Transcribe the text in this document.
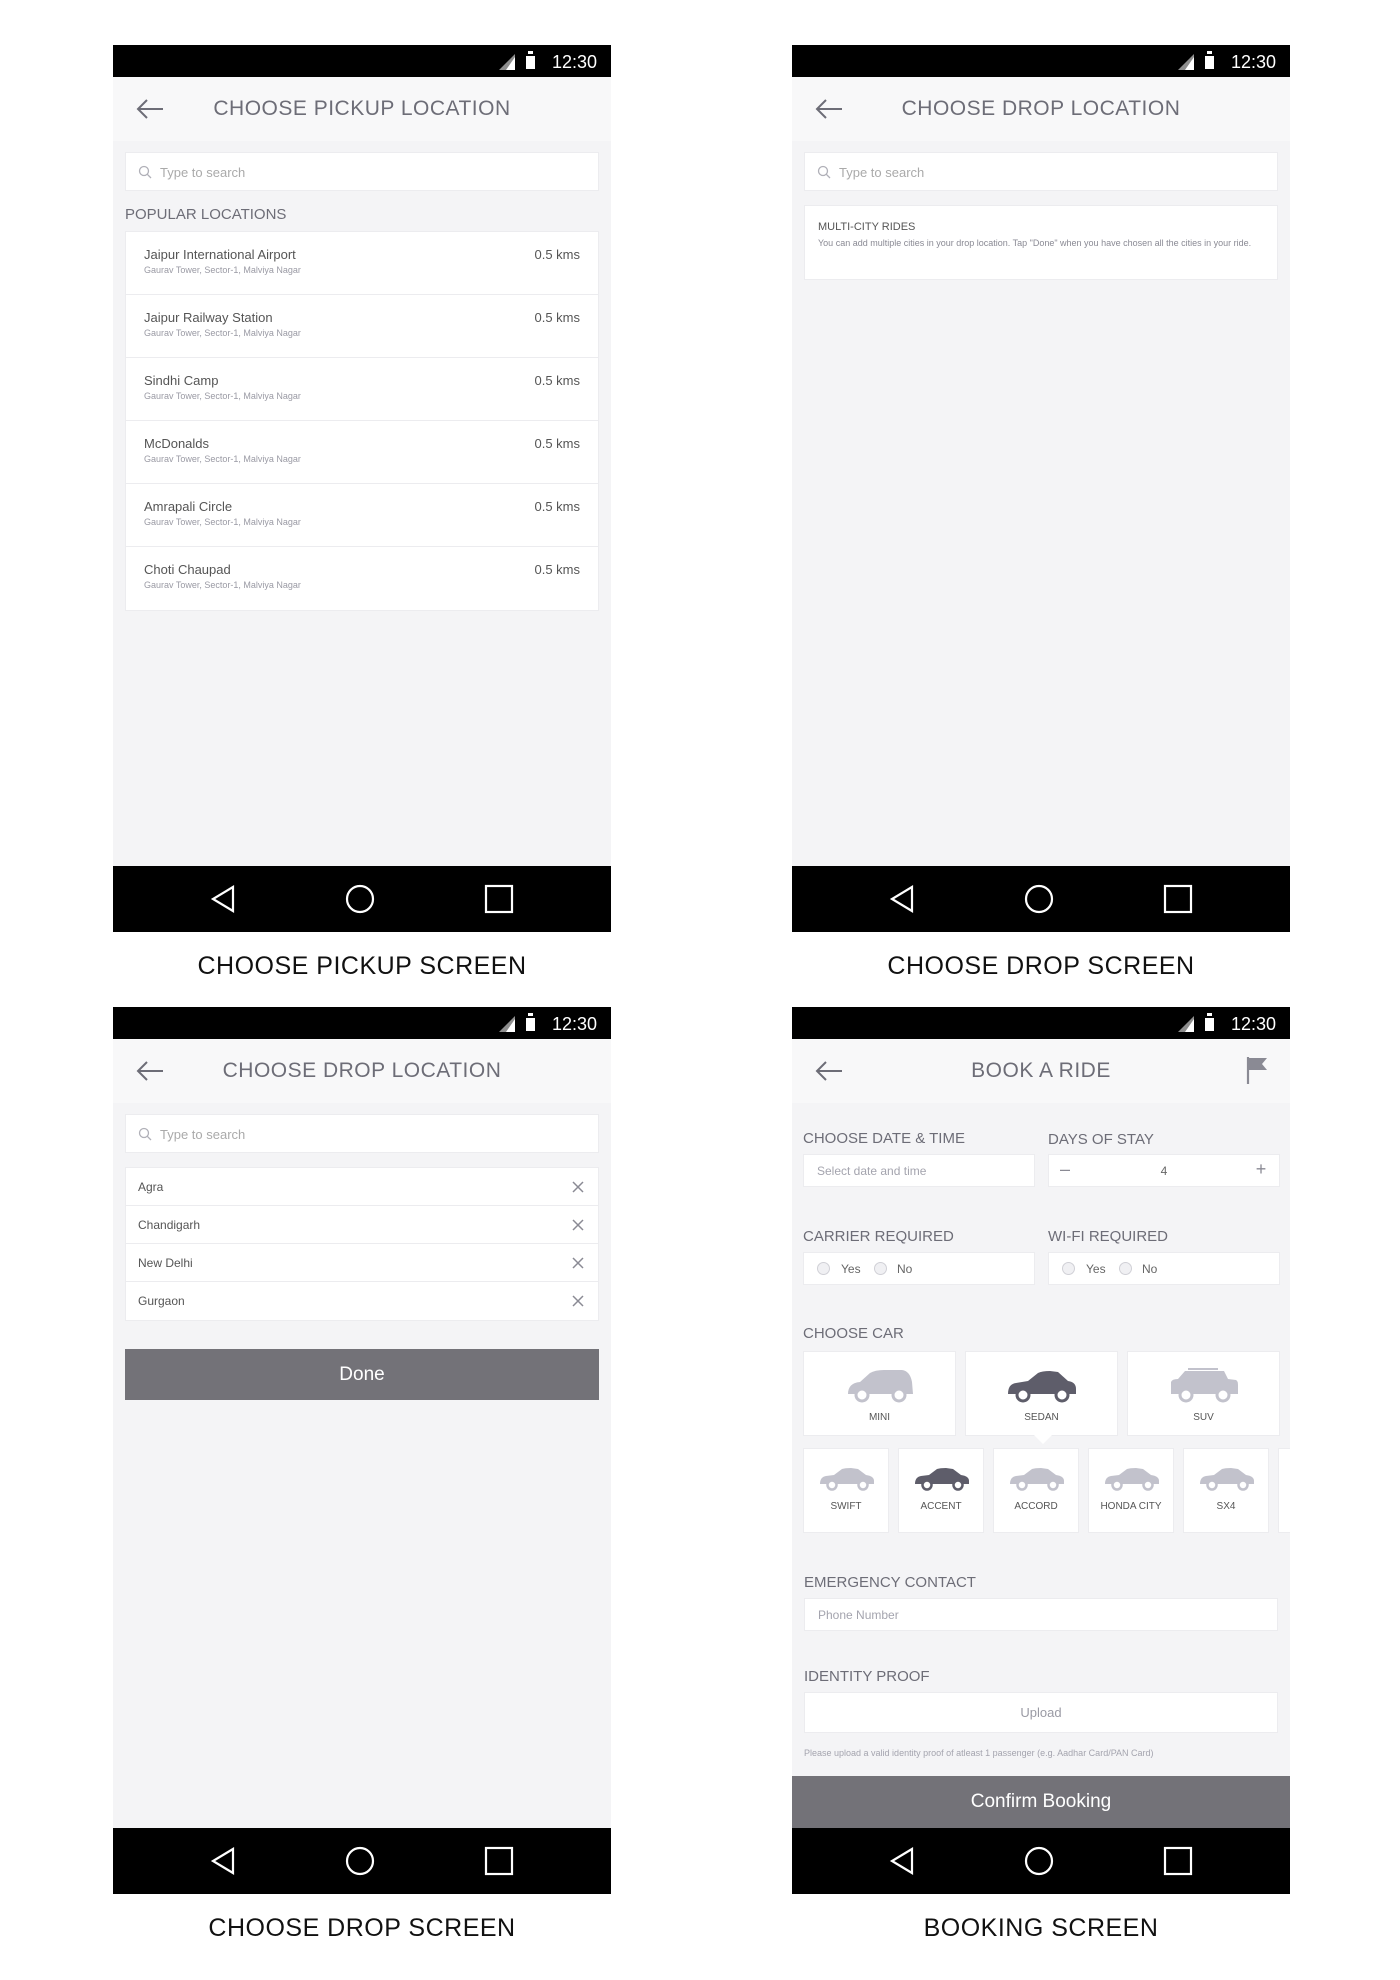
12:30
CHOOSE PICKUP LOCATION
Type to search
POPULAR LOCATIONS
Jaipur International Airport
Gaurav Tower, Sector-1, Malviya Nagar
0.5 kms
Jaipur Railway Station
Gaurav Tower, Sector-1, Malviya Nagar
0.5 kms
Sindhi Camp
Gaurav Tower, Sector-1, Malviya Nagar
0.5 kms
McDonalds
Gaurav Tower, Sector-1, Malviya Nagar
0.5 kms
Amrapali Circle
Gaurav Tower, Sector-1, Malviya Nagar
0.5 kms
Choti Chaupad
Gaurav Tower, Sector-1, Malviya Nagar
0.5 kms
CHOOSE PICKUP SCREEN
12:30
CHOOSE DROP LOCATION
Type to search
MULTI-CITY RIDES
You can add multiple cities in your drop location. Tap "Done" when you have chosen all the cities in your ride.
CHOOSE DROP SCREEN
12:30
CHOOSE DROP LOCATION
Type to search
Agra
Chandigarh
New Delhi
Gurgaon
Done
CHOOSE DROP SCREEN
12:30
BOOK A RIDE
CHOOSE DATE & TIME
Select date and time
DAYS OF STAY
4
–	+
CARRIER REQUIRED
Yes	No
WI-FI REQUIRED
Yes	No
CHOOSE CAR
MINI	SEDAN	SUV
SWIFT	ACCENT	ACCORD	HONDA CITY	SX4
EMERGENCY CONTACT
Phone Number
IDENTITY PROOF
Upload
Please upload a valid identity proof of atleast 1 passenger (e.g. Aadhar Card/PAN Card)
Confirm Booking
BOOKING SCREEN
